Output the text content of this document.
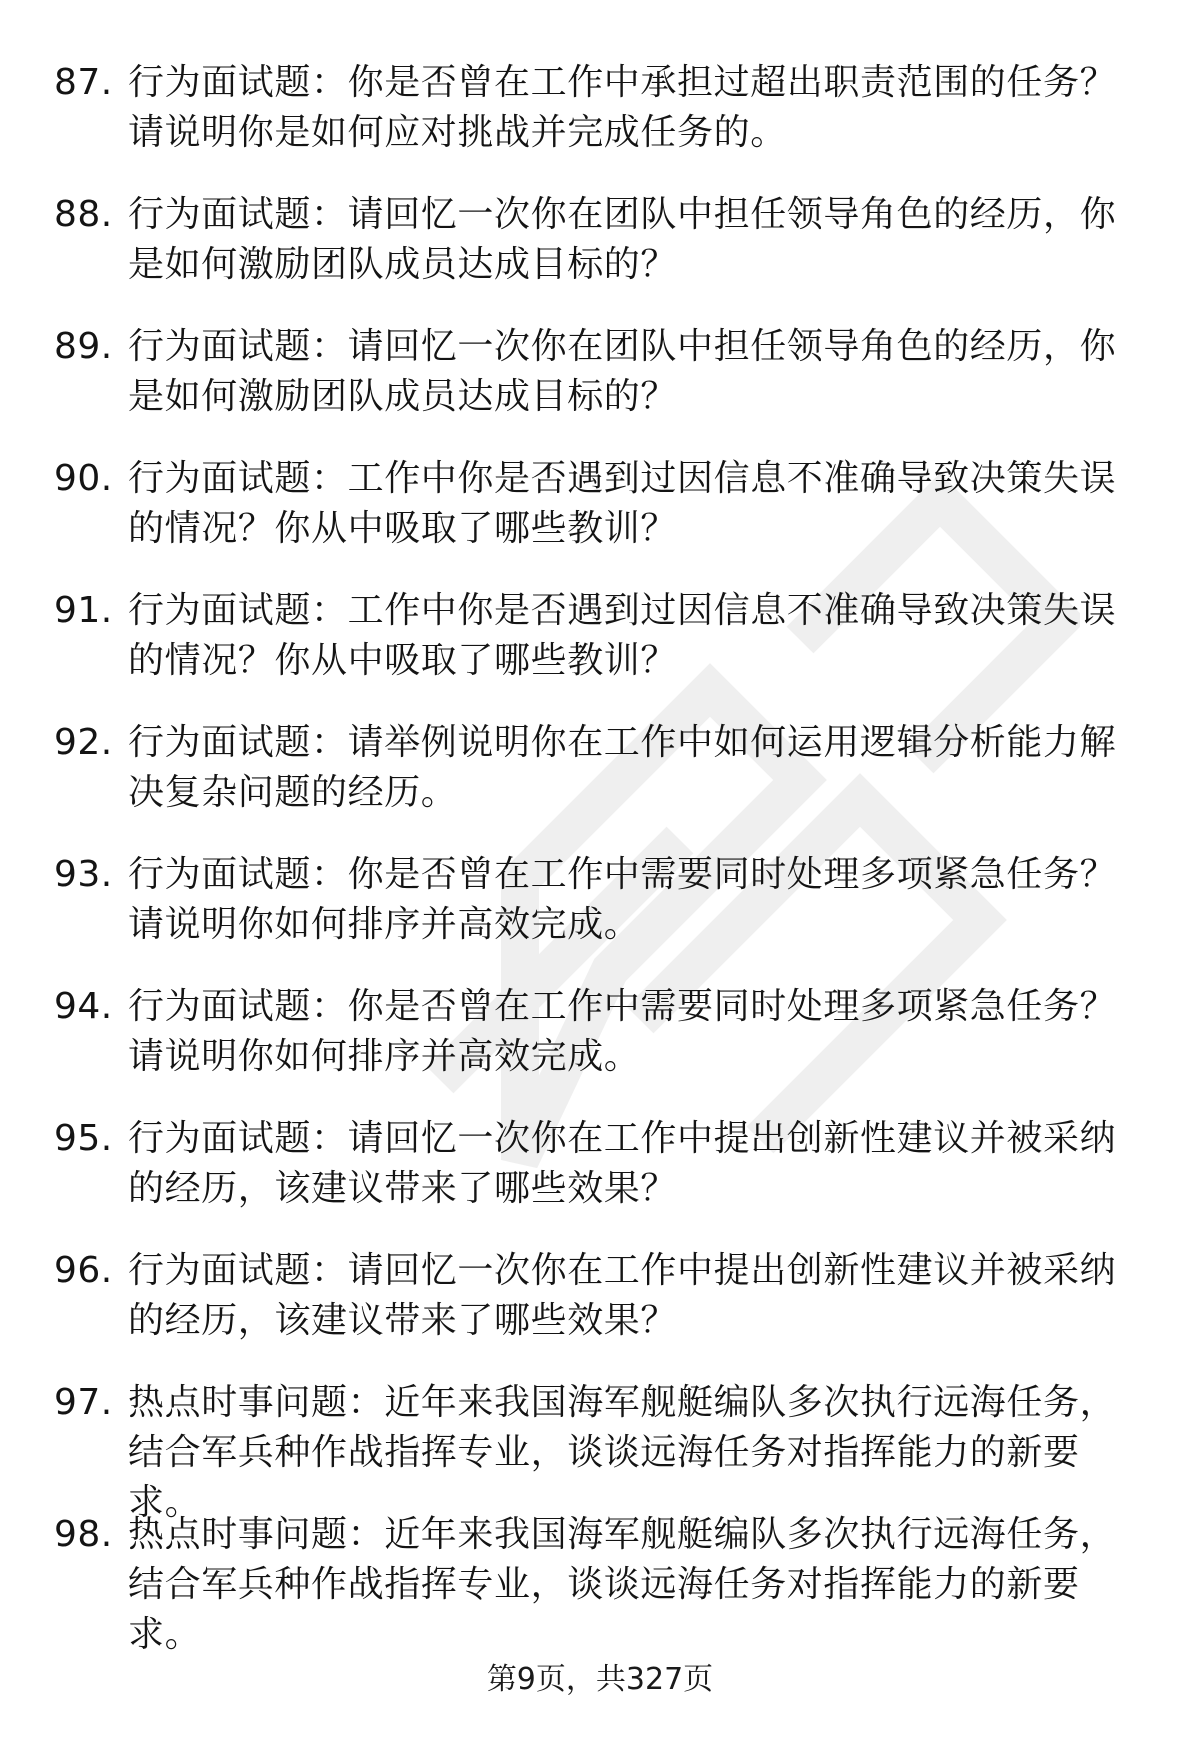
87. 行为面试题：你是否曾在工作中承担过超出职责范围的任务？请说明你是如何应对挑战并完成任务的。
88. 行为面试题：请回忆一次你在团队中担任领导角色的经历，你是如何激励团队成员达成目标的？
89. 行为面试题：请回忆一次你在团队中担任领导角色的经历，你是如何激励团队成员达成目标的？
90. 行为面试题：工作中你是否遇到过因信息不准确导致决策失误的情况？你从中吸取了哪些教训？
91. 行为面试题：工作中你是否遇到过因信息不准确导致决策失误的情况？你从中吸取了哪些教训？
92. 行为面试题：请举例说明你在工作中如何运用逻辑分析能力解决复杂问题的经历。
93. 行为面试题：你是否曾在工作中需要同时处理多项紧急任务？请说明你如何排序并高效完成。
94. 行为面试题：你是否曾在工作中需要同时处理多项紧急任务？请说明你如何排序并高效完成。
95. 行为面试题：请回忆一次你在工作中提出创新性建议并被采纳的经历，该建议带来了哪些效果？
96. 行为面试题：请回忆一次你在工作中提出创新性建议并被采纳的经历，该建议带来了哪些效果？
97. 热点时事问题：近年来我国海军舰艇编队多次执行远海任务，结合军兵种作战指挥专业，谈谈远海任务对指挥能力的新要求。
98. 热点时事问题：近年来我国海军舰艇编队多次执行远海任务，结合军兵种作战指挥专业，谈谈远海任务对指挥能力的新要求。
第9页，共327页
